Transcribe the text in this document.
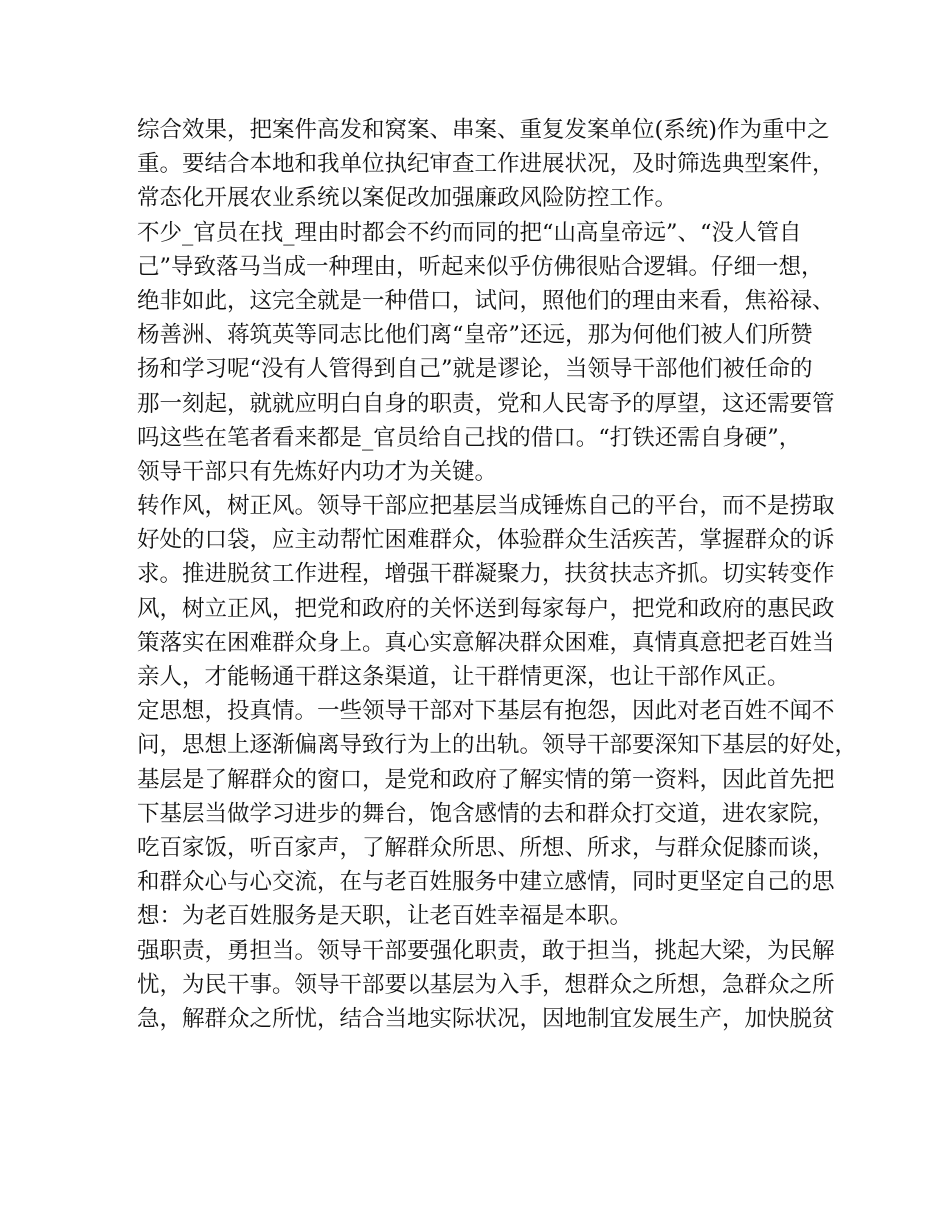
综合效果，把案件高发和窝案、串案、重复发案单位(系统)作为重中之
重。要结合本地和我单位执纪审查工作进展状况，及时筛选典型案件，
常态化开展农业系统以案促改加强廉政风险防控工作。
不少_官员在找_理由时都会不约而同的把“山高皇帝远”、“没人管自
己”导致落马当成一种理由，听起来似乎仿佛很贴合逻辑。仔细一想，
绝非如此，这完全就是一种借口，试问，照他们的理由来看，焦裕禄、
杨善洲、蒋筑英等同志比他们离“皇帝”还远，那为何他们被人们所赞
扬和学习呢“没有人管得到自己”就是谬论，当领导干部他们被任命的
那一刻起，就就应明白自身的职责，党和人民寄予的厚望，这还需要管
吗这些在笔者看来都是_官员给自己找的借口。“打铁还需自身硬”，
领导干部只有先炼好内功才为关键。
转作风，树正风。领导干部应把基层当成锤炼自己的平台，而不是捞取
好处的口袋，应主动帮忙困难群众，体验群众生活疾苦，掌握群众的诉
求。推进脱贫工作进程，增强干群凝聚力，扶贫扶志齐抓。切实转变作
风，树立正风，把党和政府的关怀送到每家每户，把党和政府的惠民政
策落实在困难群众身上。真心实意解决群众困难，真情真意把老百姓当
亲人，才能畅通干群这条渠道，让干群情更深，也让干部作风正。
定思想，投真情。一些领导干部对下基层有抱怨，因此对老百姓不闻不
问，思想上逐渐偏离导致行为上的出轨。领导干部要深知下基层的好处，
基层是了解群众的窗口，是党和政府了解实情的第一资料，因此首先把
下基层当做学习进步的舞台，饱含感情的去和群众打交道，进农家院，
吃百家饭，听百家声，了解群众所思、所想、所求，与群众促膝而谈，
和群众心与心交流，在与老百姓服务中建立感情，同时更坚定自己的思
想：为老百姓服务是天职，让老百姓幸福是本职。
强职责，勇担当。领导干部要强化职责，敢于担当，挑起大梁，为民解
忧，为民干事。领导干部要以基层为入手，想群众之所想，急群众之所
急，解群众之所忧，结合当地实际状况，因地制宜发展生产，加快脱贫
